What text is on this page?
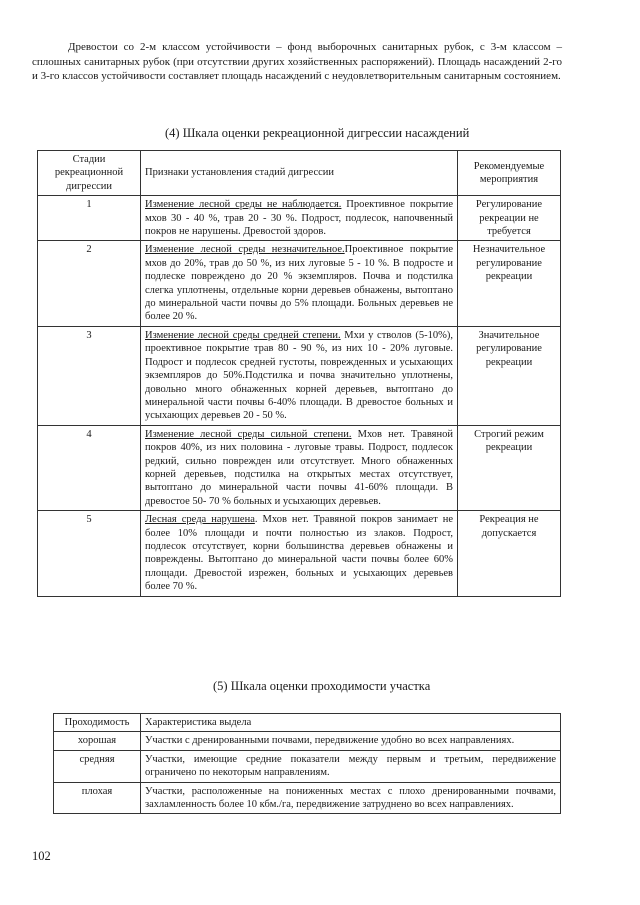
Древостои со 2-м классом устойчивости – фонд выборочных санитарных рубок, с 3-м классом – сплошных санитарных рубок (при отсутствии других хозяйственных распоряжений). Площадь насаждений 2-го и 3-го классов устойчивости составляет площадь насаждений с неудовлетворительным санитарным состоянием.

(4) Шкала оценки рекреационной дигрессии насаждений

Стадии рекреационной дигрессии	Признаки установления стадий дигрессии	Рекомендуемые мероприятия
1	Изменение лесной среды не наблюдается. Проективное покрытие мхов 30 - 40 %, трав 20 - 30 %. Подрост, подлесок, напочвенный покров не нарушены. Древостой здоров.	Регулирование рекреации не требуется
2	Изменение лесной среды незначительное.Проективное покрытие мхов до 20%, трав до 50 %, из них луговые 5 - 10 %. В подросте и подлеске повреждено до 20 % экземпляров. Почва и подстилка слегка уплотнены, отдельные корни деревьев обнажены, вытоптано до минеральной части почвы до 5% площади. Больных деревьев не более 20 %.	Незначительное регулирование рекреации
3	Изменение лесной среды средней степени. Мхи у стволов (5-10%), проективное покрытие трав 80 - 90 %, из них 10 - 20% луговые. Подрост и подлесок средней густоты, поврежденных и усыхающих экземпляров до 50%.Подстилка и почва значительно уплотнены, довольно много обнаженных корней деревьев, вытоптано до минеральной части почвы 6-40% площади. В древостое больных и усыхающих деревьев 20 - 50 %.	Значительное регулирование рекреации
4	Изменение лесной среды сильной степени. Мхов нет. Травяной покров 40%, из них половина - луговые травы. Подрост, подлесок редкий, сильно поврежден или отсутствует. Много обнаженных корней деревьев, подстилка на открытых местах отсутствует, вытоптано до минеральной части почвы 41-60% площади. В древостое 50- 70 % больных и усыхающих деревьев.	Строгий режим рекреации
5	Лесная среда нарушена. Мхов нет. Травяной покров занимает не более 10% площади и почти полностью из злаков. Подрост, подлесок отсутствует, корни большинства деревьев обнажены и повреждены. Вытоптано до минеральной части почвы более 60% площади. Древостой изрежен, больных и усыхающих деревьев более 70 %.	Рекреация не допускается

(5) Шкала оценки проходимости участка

Проходимость	Характеристика выдела
хорошая	Участки с дренированными почвами, передвижение удобно во всех направлениях.
средняя	Участки, имеющие средние показатели между первым и третьим, передвижение ограничено по некоторым направлениям.
плохая	Участки, расположенные на пониженных местах с плохо дренированными почвами, захламленность более 10 кбм./га, передвижение затруднено во всех направлениях.

102
